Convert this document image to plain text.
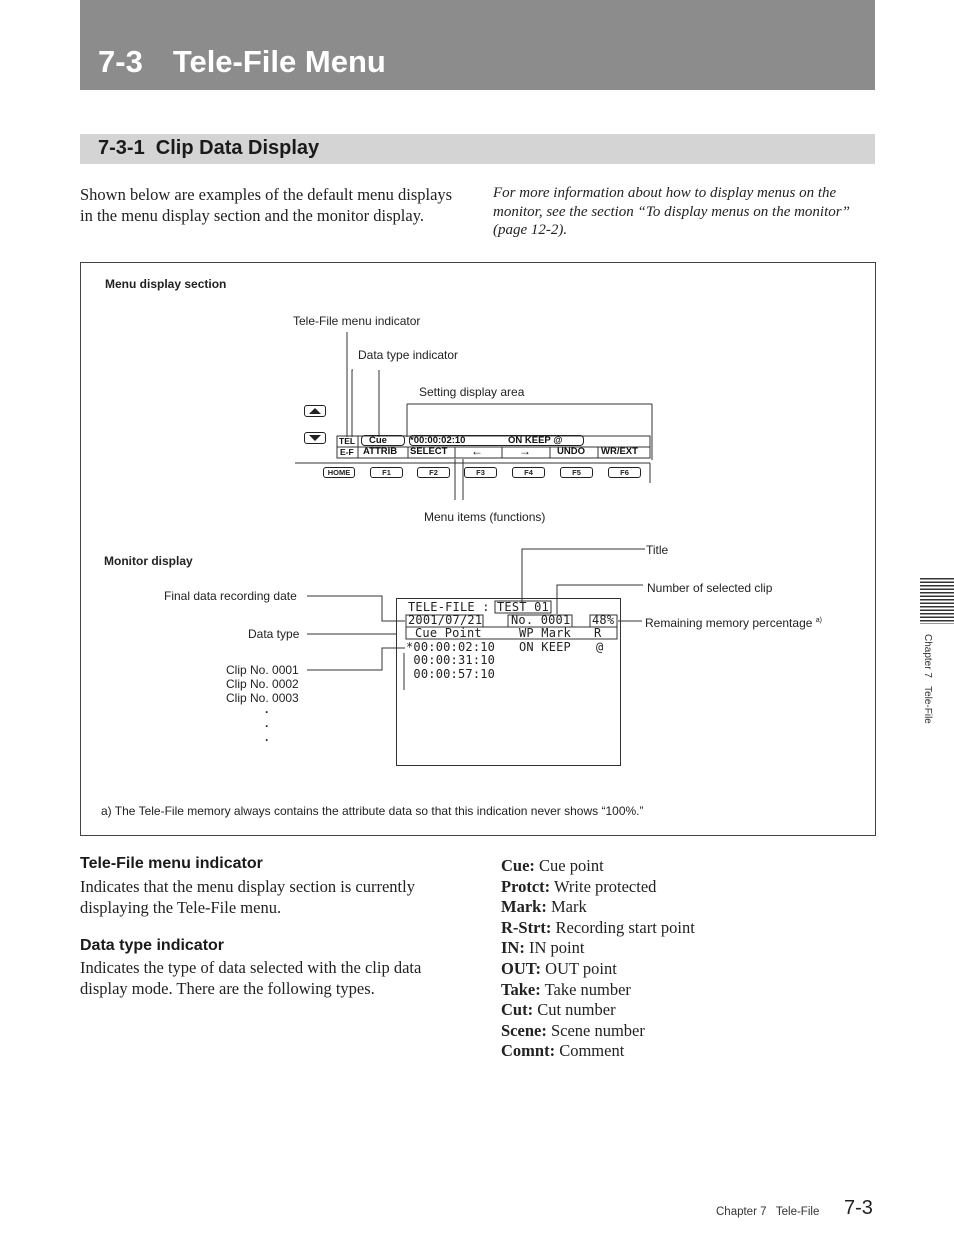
7-3 Tele-File Menu
7-3-1  Clip Data Display
Shown below are examples of the default menu displays in the menu display section and the monitor display.
For more information about how to display menus on the monitor, see the section “To display menus on the monitor” (page 12-2).
Menu display section
Tele-File menu indicator
Data type indicator
Setting display area
TEL
E-F
Cue *00:00:02:10	ON KEEP @
ATTRIB SELECT ←	→	UNDO WR/EXT
HOME	F1	F2	F3	F4	F5	F6
Menu items (functions)
Monitor display
Title
Number of selected clip
Remaining memory percentage $^{a)}$
Final data recording date
Data type
Clip No. 0001
Clip No. 0002
Clip No. 0003
·
·
·
TELE-FILE : TEST 01
2001/07/21 No. 0001 48%
Cue Point	WP Mark R
*00:00:02:10 ON KEEP @
00:00:31:10
00:00:57:10
a) The Tele-File memory always contains the attribute data so that this indication never shows “100%.”
Chapter 7   Tele-File
Tele-File menu indicator
Indicates that the menu display section is currently displaying the Tele-File menu.
Data type indicator
Indicates the type of data selected with the clip data display mode. There are the following types.
Cue: Cue point
Protct: Write protected
Mark: Mark
R-Strt: Recording start point
IN: IN point
OUT: OUT point
Take: Take number
Cut: Cut number
Scene: Scene number
Comnt: Comment
Chapter 7   Tele-File 7-3
